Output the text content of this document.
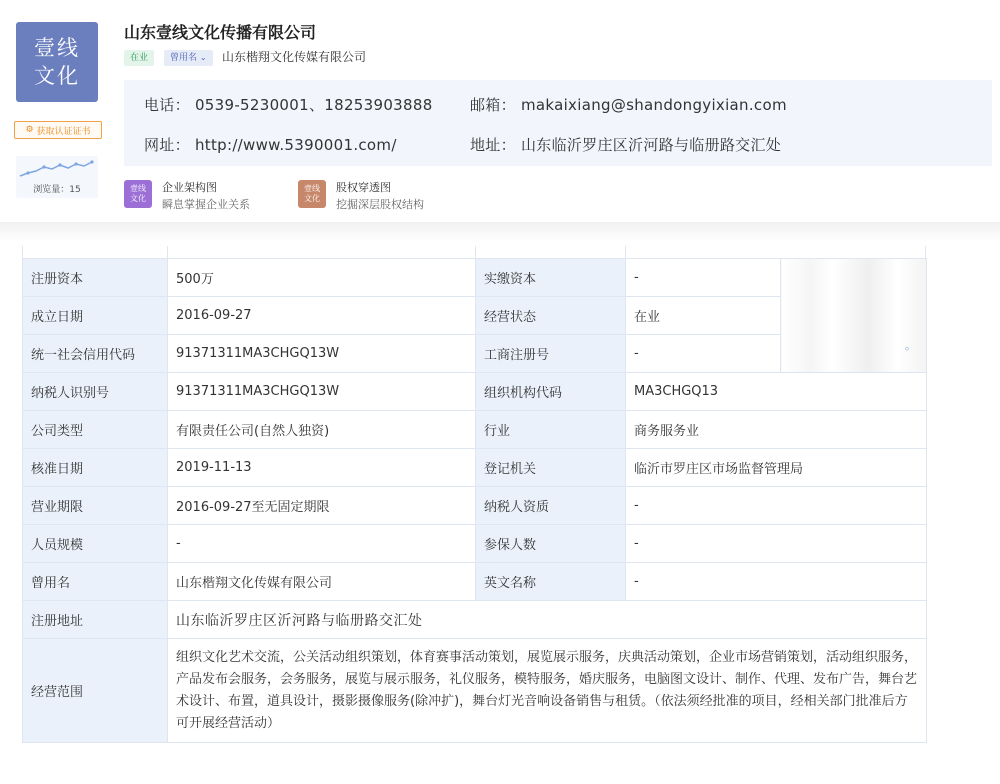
壹线
文化
⚙ 获取认证证书
浏览量：15
山东壹线文化传播有限公司
在业	曾用名 ⌄	山东楷翔文化传媒有限公司
电话： 0539-5230001、18253903888 邮箱： makaixiang@shandongyixian.com
网址： http://www.5390001.com/	地址： 山东临沂罗庄区沂河路与临册路交汇处
壹线
文化
企业架构图
瞬息掌握企业关系
壹线
文化
股权穿透图
挖掘深层股权结构
注册资本	500万	实缴资本	-	。

成立日期	2016-09-27	经营状态	在业	
统一社会信用代码	91371311MA3CHGQ13W	工商注册号	-	
纳税人识别号	91371311MA3CHGQ13W	组织机构代码	MA3CHGQ13	
公司类型	有限责任公司(自然人独资)	行业	商务服务业	
核准日期	2019-11-13	登记机关	临沂市罗庄区市场监督管理局	
营业期限	2016-09-27至无固定期限	纳税人资质	-	
人员规模	-	参保人数	-	
曾用名	山东楷翔文化传媒有限公司	英文名称	-	
注册地址	山东临沂罗庄区沂河路与临册路交汇处			
经营范围	组织文化艺术交流，公关活动组织策划，体育赛事活动策划，展览展示服务，庆典活动策划，企业市场营销策划，活动组织服务，产品发布会服务，会务服务，展览与展示服务，礼仪服务，模特服务，婚庆服务，电脑图文设计、制作、代理、发布广告，舞台艺术设计、布置，道具设计，摄影摄像服务(除冲扩)，舞台灯光音响设备销售与租赁。（依法须经批准的项目，经相关部门批准后方可开展经营活动）			
